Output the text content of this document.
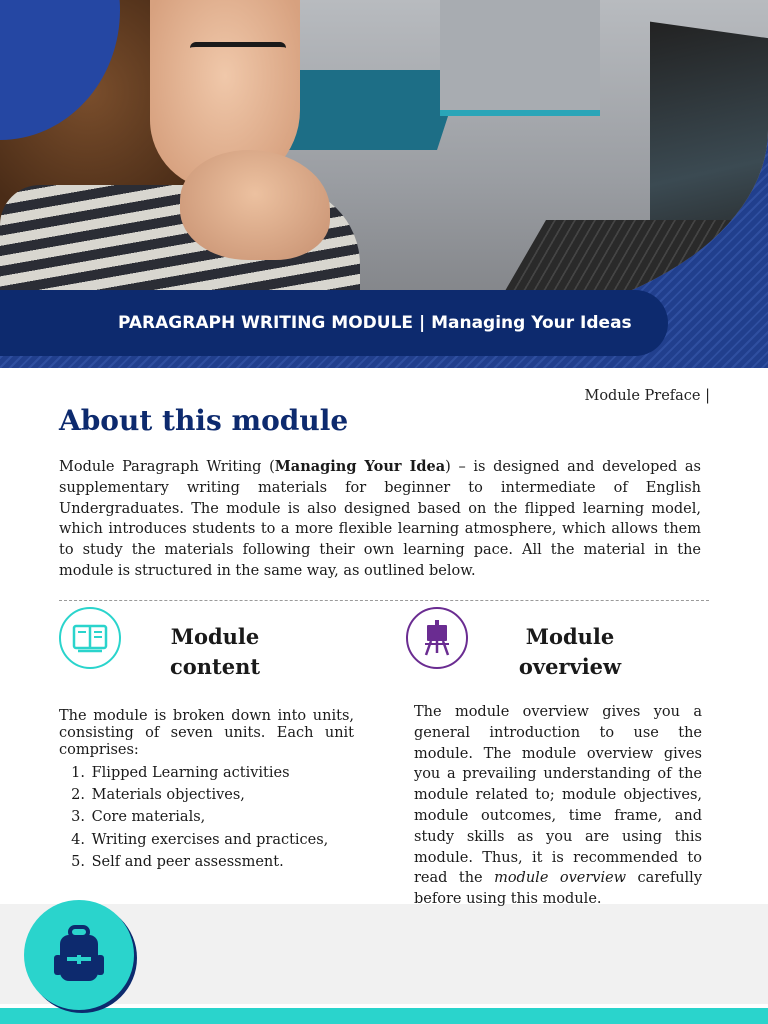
PARAGRAPH WRITING MODULE | Managing Your Ideas
Module Preface |
About this module

Module Paragraph Writing (Managing Your Idea) – is designed and developed as supplementary writing materials for beginner to intermediate of English Undergraduates. The module is also designed based on the flipped learning model, which introduces students to a more flexible learning atmosphere, which allows them to study the materials following their own learning pace. All the material in the module is structured in the same way, as outlined below.

Module
content
Module
overview

The module is broken down into units, consisting of seven units. Each unit comprises:

1. Flipped Learning activities
2. Materials objectives,
3. Core materials,
4. Writing exercises and practices,
5. Self and peer assessment.

The module overview gives you a general introduction to use the module. The module overview gives you a prevailing understanding of the module related to; module objectives, module outcomes, time frame, and study skills as you are using this module. Thus, it is recommended to read the module overview carefully before using this module.
